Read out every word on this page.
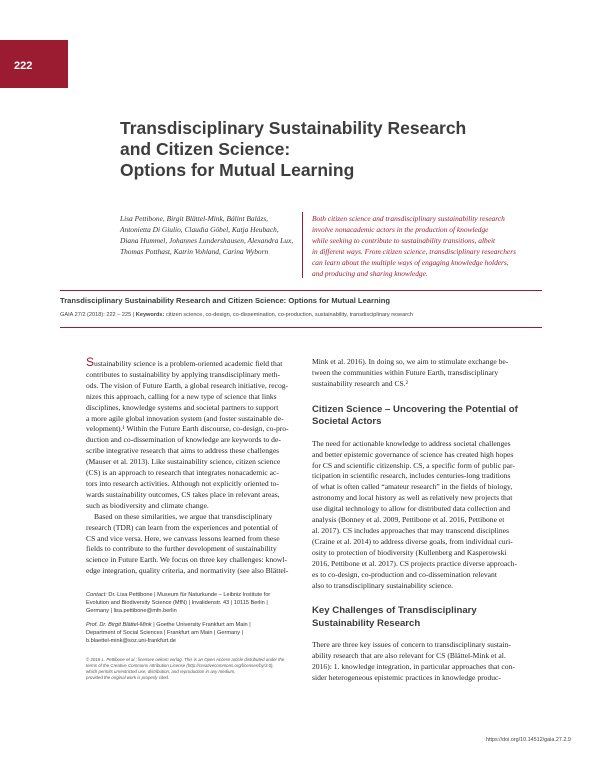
222
Transdisciplinary Sustainability Research
and Citizen Science:
Options for Mutual Learning
Lisa Pettibone, Birgit Blättel-Mink, Bálint Balázs,
Antonietta Di Giulio, Claudia Göbel, Katja Heubach,
Diana Hummel, Johannes Lundershausen, Alexandra Lux,
Thomas Potthast, Katrin Vohland, Carina Wyborn
Both citizen science and transdisciplinary sustainability research
involve nonacademic actors in the production of knowledge
while seeking to contribute to sustainability transitions, albeit
in different ways. From citizen science, transdisciplinary researchers
can learn about the multiple ways of engaging knowledge holders,
and producing and sharing knowledge.
Transdisciplinary Sustainability Research and Citizen Science: Options for Mutual Learning
GAIA 27/2 (2018): 222 – 225 | Keywords: citizen science, co-design, co-dissemination, co-production, sustainability, transdisciplinary research
Sustainability science is a problem-oriented academic field that
contributes to sustainability by applying transdisciplinary meth-
ods. The vision of Future Earth, a global research initiative, recog-
nizes this approach, calling for a new type of science that links
disciplines, knowledge systems and societal partners to support
a more agile global innovation system (and foster sustainable de-
velopment).¹ Within the Future Earth discourse, co-design, co-pro-
duction and co-dissemination of knowledge are keywords to de-
scribe integrative research that aims to address these challenges
(Mauser et al. 2013). Like sustainability science, citizen science
(CS) is an approach to research that integrates nonacademic ac-
tors into research activities. Although not explicitly oriented to-
wards sustainability outcomes, CS takes place in relevant areas,
such as biodiversity and climate change.
Based on these similarities, we argue that transdisciplinary
research (TDR) can learn from the experiences and potential of
CS and vice versa. Here, we canvass lessons learned from these
fields to contribute to the further development of sustainability
science in Future Earth. We focus on three key challenges: knowl-
edge integration, quality criteria, and normativity (see also Blättel-
Contact: Dr. Lisa Pettibone | Museum für Naturkunde – Leibniz Institute for
Evolution and Biodiversity Science (MfN) | Invalidenstr. 43 | 10115 Berlin |
Germany | lisa.pettibone@mfn.berlin
Prof. Dr. Birgit Blättel-Mink | Goethe University Frankfurt am Main |
Department of Social Sciences | Frankfurt am Main | Germany |
b.blaettel-mink@soz.uni-frankfurt.de
© 2018 L. Pettibone et al.; licensee oekom verlag. This is an Open Access article distributed under the
terms of the Creative Commons Attribution License (http://creativecommons.org/licenses/by/3.0),
which permits unrestricted use, distribution, and reproduction in any medium,
provided the original work is properly cited.
Mink et al. 2016). In doing so, we aim to stimulate exchange be-
tween the communities within Future Earth, transdisciplinary
sustainability research and CS.²
Citizen Science – Uncovering the Potential of
Societal Actors
The need for actionable knowledge to address societal challenges
and better epistemic governance of science has created high hopes
for CS and scientific citizenship. CS, a specific form of public par-
ticipation in scientific research, includes centuries-long traditions
of what is often called “amateur research” in the fields of biology,
astronomy and local history as well as relatively new projects that
use digital technology to allow for distributed data collection and
analysis (Bonney et al. 2009, Pettibone et al. 2016, Pettibone et
al. 2017). CS includes approaches that may transcend disciplines
(Craine et al. 2014) to address diverse goals, from individual curi-
osity to protection of biodiversity (Kullenberg and Kasperowski
2016, Pettibone et al. 2017). CS projects practice diverse approach-
es to co-design, co-production and co-dissemination relevant
also to transdisciplinary sustainability science.
Key Challenges of Transdisciplinary
Sustainability Research
There are three key issues of concern to transdisciplinary sustain-
ability research that are also relevant for CS (Blättel-Mink et al.
2016): 1. knowledge integration, in particular approaches that con-
sider heterogeneous epistemic practices in knowledge produc-
https://doi.org/10.14512/gaia.27.2.9
